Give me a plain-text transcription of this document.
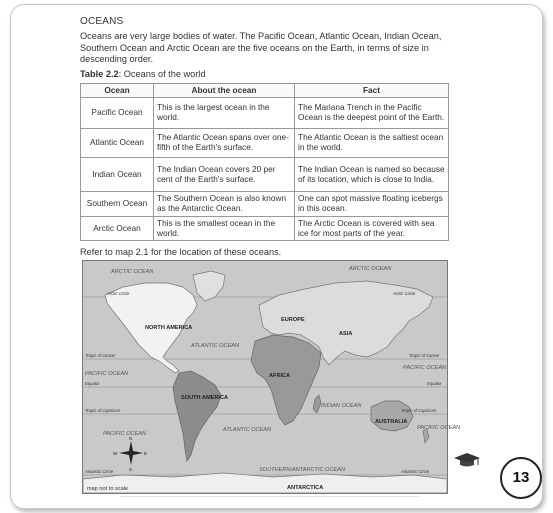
OCEANS
Oceans are very large bodies of water. The Pacific Ocean, Atlantic Ocean, Indian Ocean, Southern Ocean and Arctic Ocean are the five oceans on the Earth, in terms of size in descending order.
Table 2.2: Oceans of the world
Ocean	About the ocean	Fact
Pacific Ocean	This is the largest ocean in the world.	The Mariana Trench in the Pacific Ocean is the deepest point of the Earth.
Atlantic Ocean	The Atlantic Ocean spans over one-fifth of the Earth's surface.	The Atlantic Ocean is the saltiest ocean in the world.
Indian Ocean	The Indian Ocean covers 20 per cent of the Earth's surface.	The Indian Ocean is named so because of its location, which is close to India.
Southern Ocean	The Southern Ocean is also known as the Antarctic Ocean.	One can spot massive floating icebergs in this ocean.
Arctic Ocean	This is the smallest ocean in the world.	The Arctic Ocean is covered with sea ice for most parts of the year.
Refer to map 2.1 for the location of these oceans.
ARCTIC OCEAN	ARCTIC OCEAN
ATLANTIC OCEAN
PACIFIC OCEAN
PACIFIC OCEAN
INDIAN OCEAN
PACIFIC OCEAN
PACIFIC OCEAN
ATLANTIC OCEAN
SOUTHERN/ANTARCTIC OCEAN
NORTH AMERICA
EUROPE
ASIA
AFRICA
SOUTH AMERICA
AUSTRALIA
ANTARCTICA
Arctic Circle	Arctic Circle
Tropic of Cancer	Tropic of Cancer
Equator	Equator
Tropic of Capricorn	Tropic of Capricorn
Antarctic Circle	Antarctic Circle
N
E
W
S
map not to scale
13
